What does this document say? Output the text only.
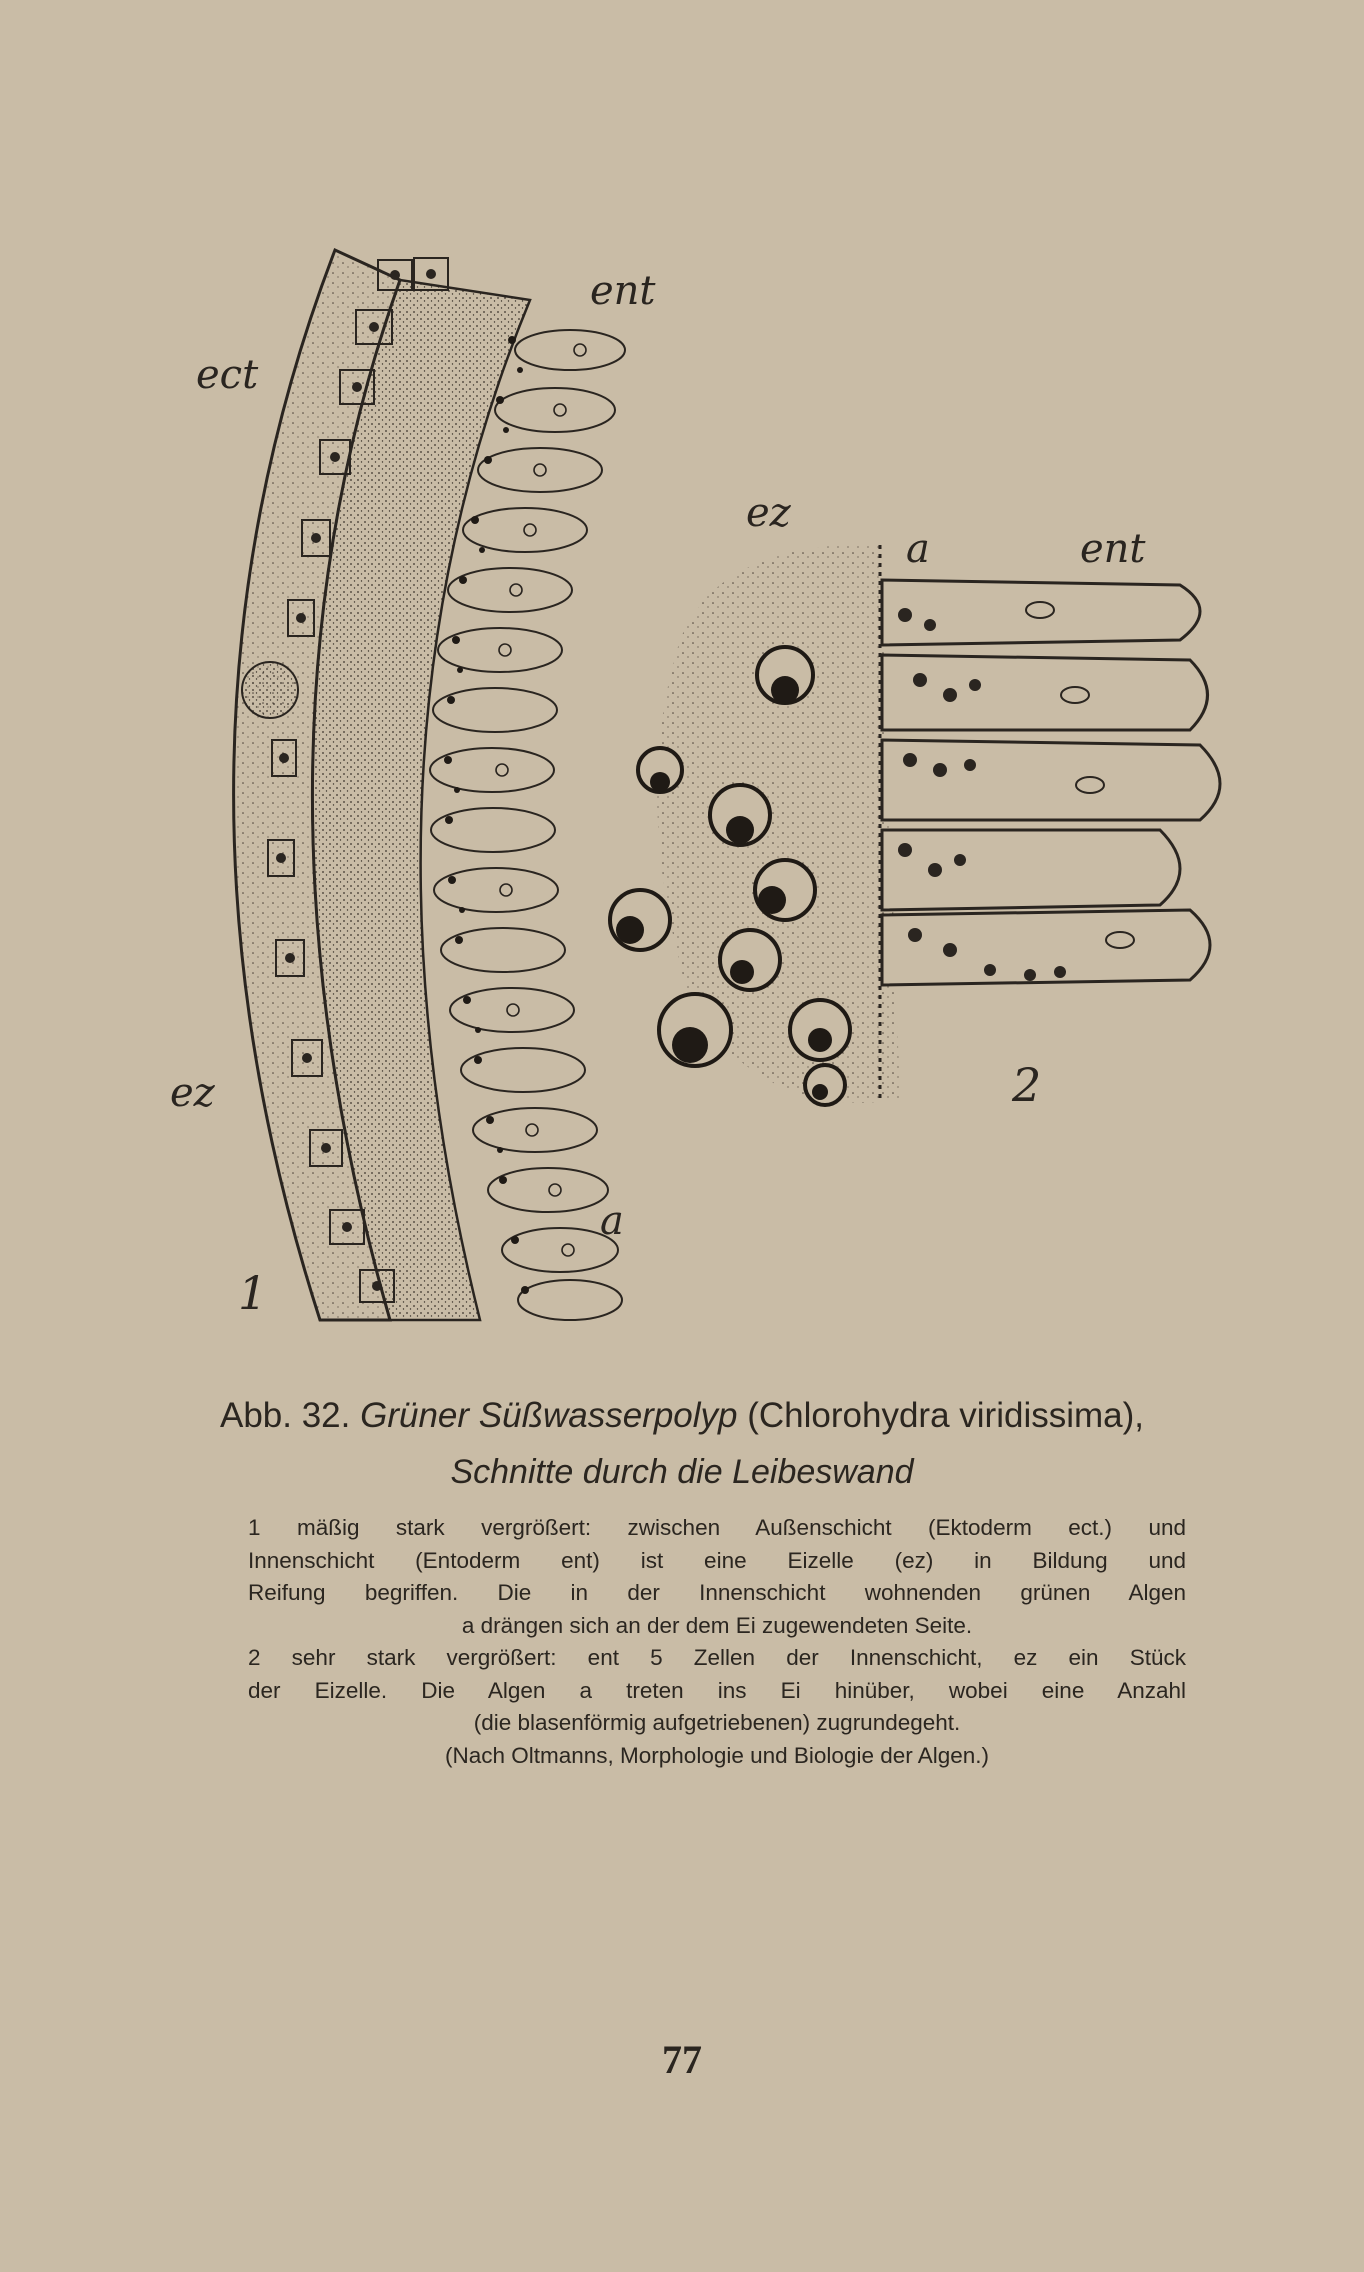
ect
ent
ez
a
1
ez
a	ent
2
Abb. 32. Grüner Süßwasserpolyp (Chlorohydra viridissima),
Schnitte durch die Leibeswand
1 mäßig stark vergrößert: zwischen Außenschicht (Ektoderm ect.) und
Innenschicht (Entoderm ent) ist eine Eizelle (ez) in Bildung und
Reifung begriffen. Die in der Innenschicht wohnenden grünen Algen
a drängen sich an der dem Ei zugewendeten Seite.
2 sehr stark vergrößert: ent 5 Zellen der Innenschicht, ez ein Stück
der Eizelle. Die Algen a treten ins Ei hinüber, wobei eine Anzahl
(die blasenförmig aufgetriebenen) zugrundegeht.
(Nach Oltmanns, Morphologie und Biologie der Algen.)
77
